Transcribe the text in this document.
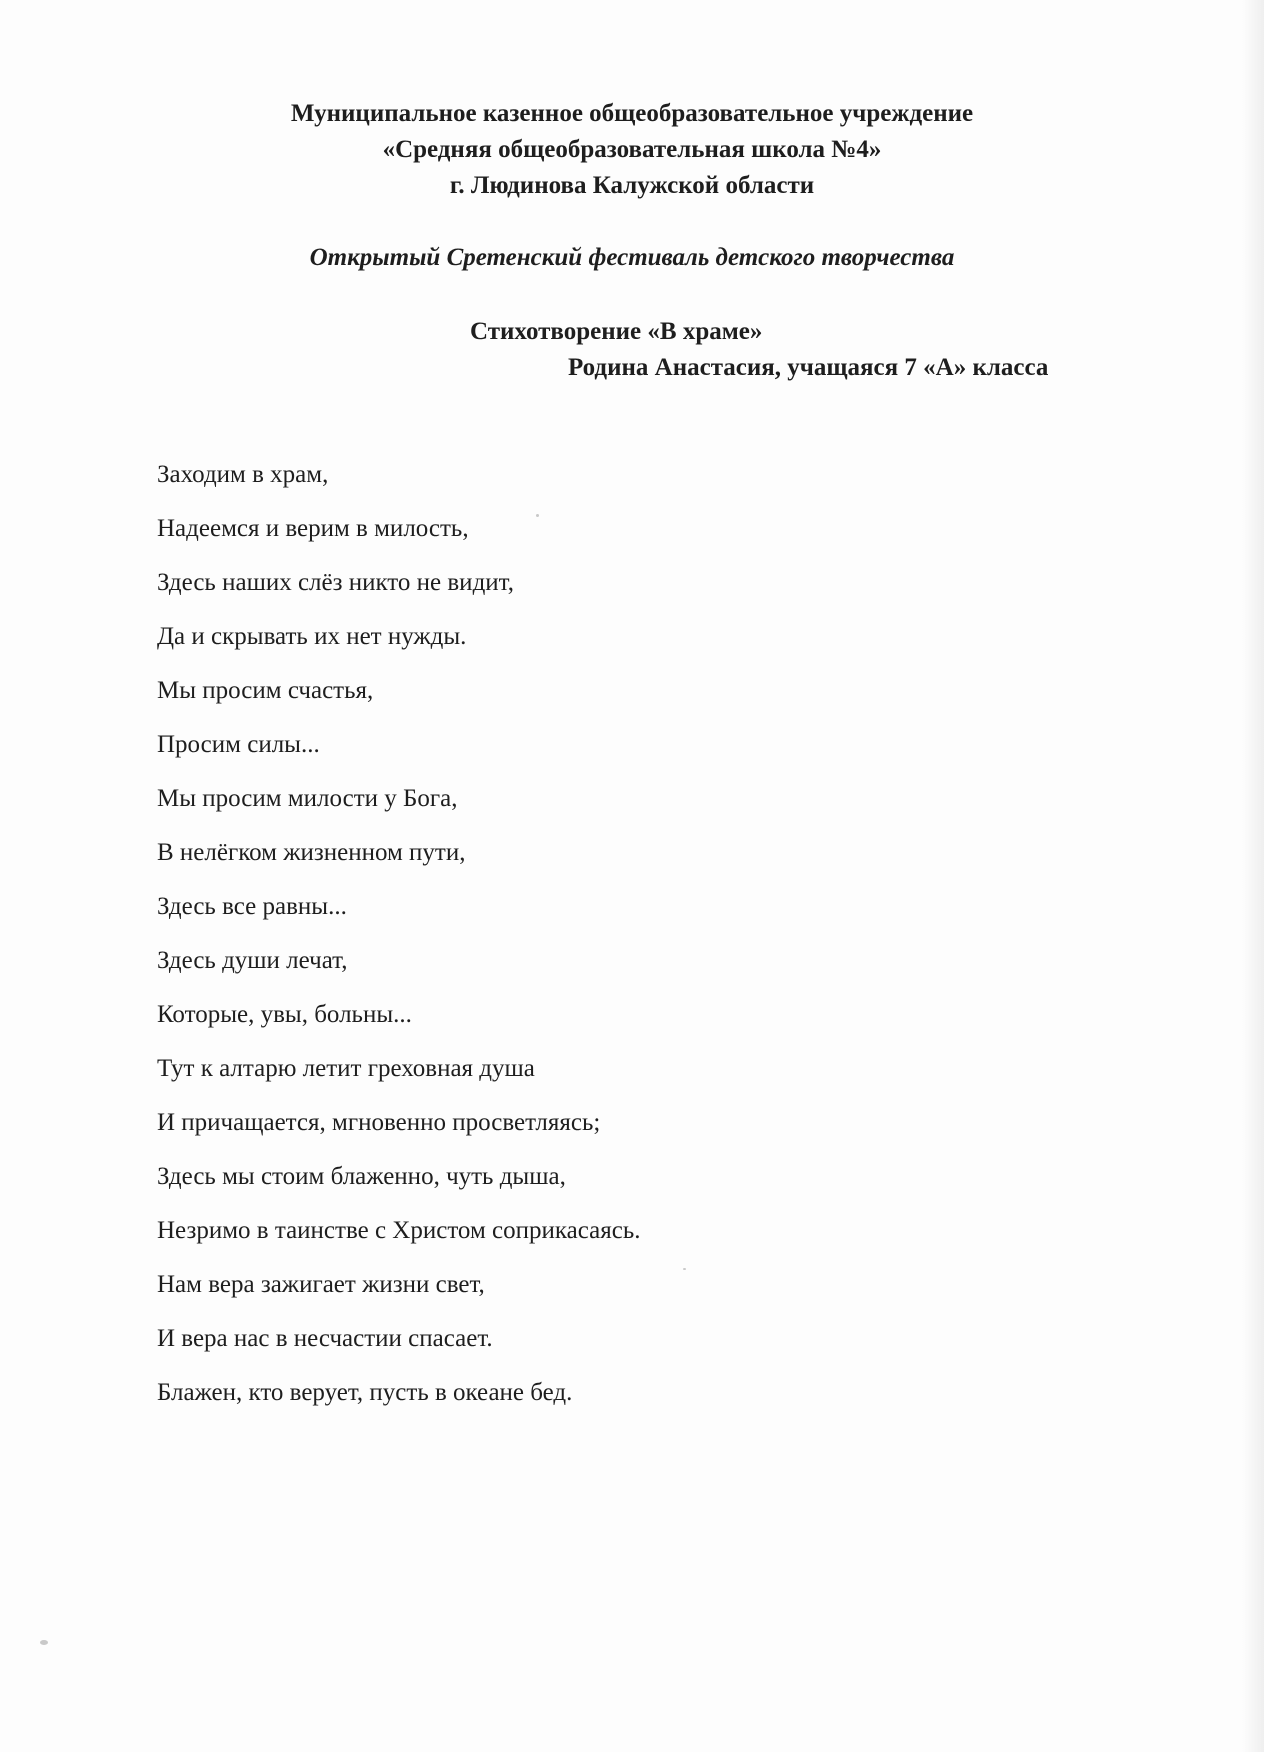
Муниципальное казенное общеобразовательное учреждение
«Средняя общеобразовательная школа №4»
г. Людинова Калужской области
Открытый Сретенский фестиваль детского творчества
Стихотворение «В храме»
Родина Анастасия, учащаяся 7 «А» класса
Заходим в храм,
Надеемся и верим в милость,
Здесь наших слёз никто не видит,
Да и скрывать их нет нужды.
Мы просим счастья,
Просим силы...
Мы просим милости у Бога,
В нелёгком жизненном пути,
Здесь все равны...
Здесь души лечат,
Которые, увы, больны...
Тут к алтарю летит греховная душа
И причащается, мгновенно просветляясь;
Здесь мы стоим блаженно, чуть дыша,
Незримо в таинстве с Христом соприкасаясь.
Нам вера зажигает жизни свет,
И вера нас в несчастии спасает.
Блажен, кто верует, пусть в океане бед.
